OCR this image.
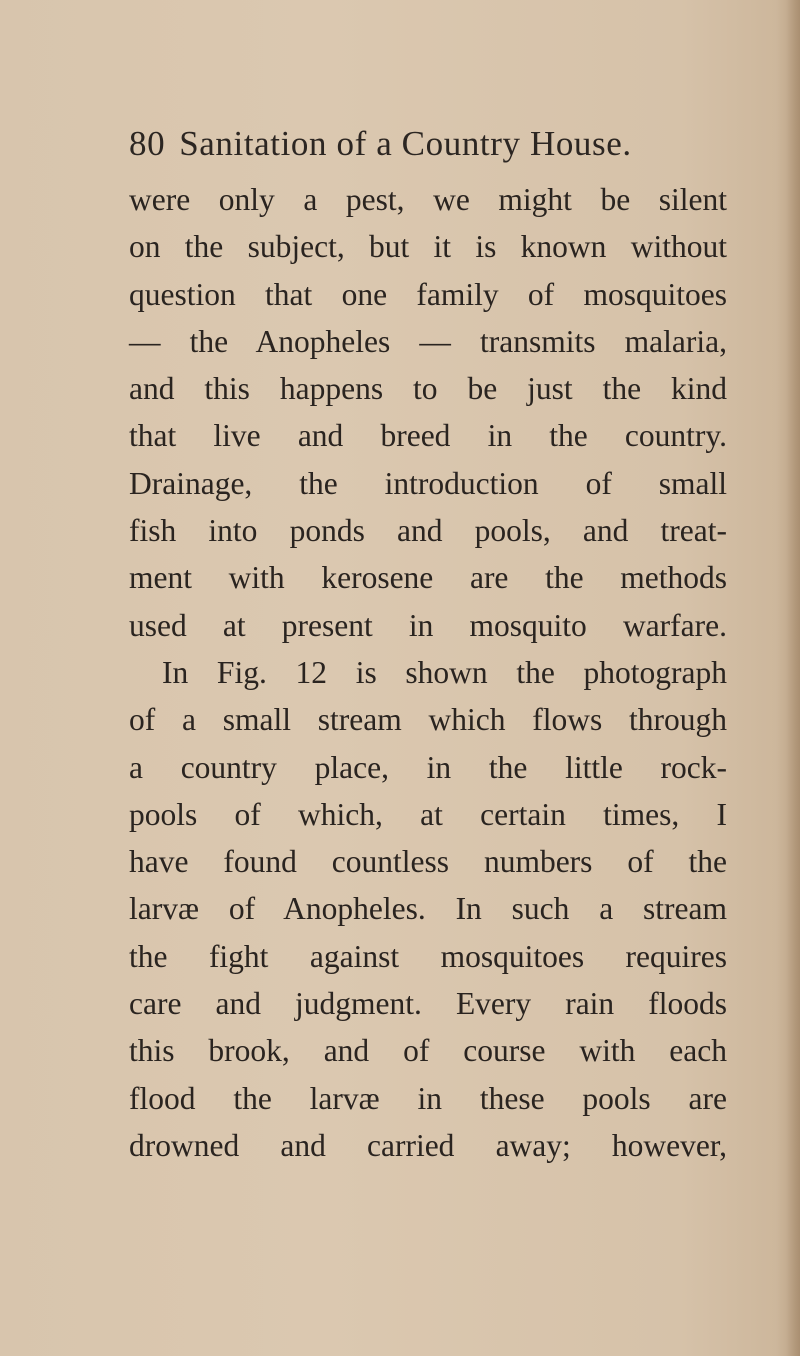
80 Sanitation of a Country House.
were only a pest, we might be silent
on the subject, but it is known without
question that one family of mosquitoes
— the Anopheles — transmits malaria,
and this happens to be just the kind
that live and breed in the country.
Drainage, the introduction of small
fish into ponds and pools, and treat-
ment with kerosene are the methods
used at present in mosquito warfare.
In Fig. 12 is shown the photograph
of a small stream which flows through
a country place, in the little rock-
pools of which, at certain times, I
have found countless numbers of the
larvæ of Anopheles. In such a stream
the fight against mosquitoes requires
care and judgment. Every rain floods
this brook, and of course with each
flood the larvæ in these pools are
drowned and carried away; however,
